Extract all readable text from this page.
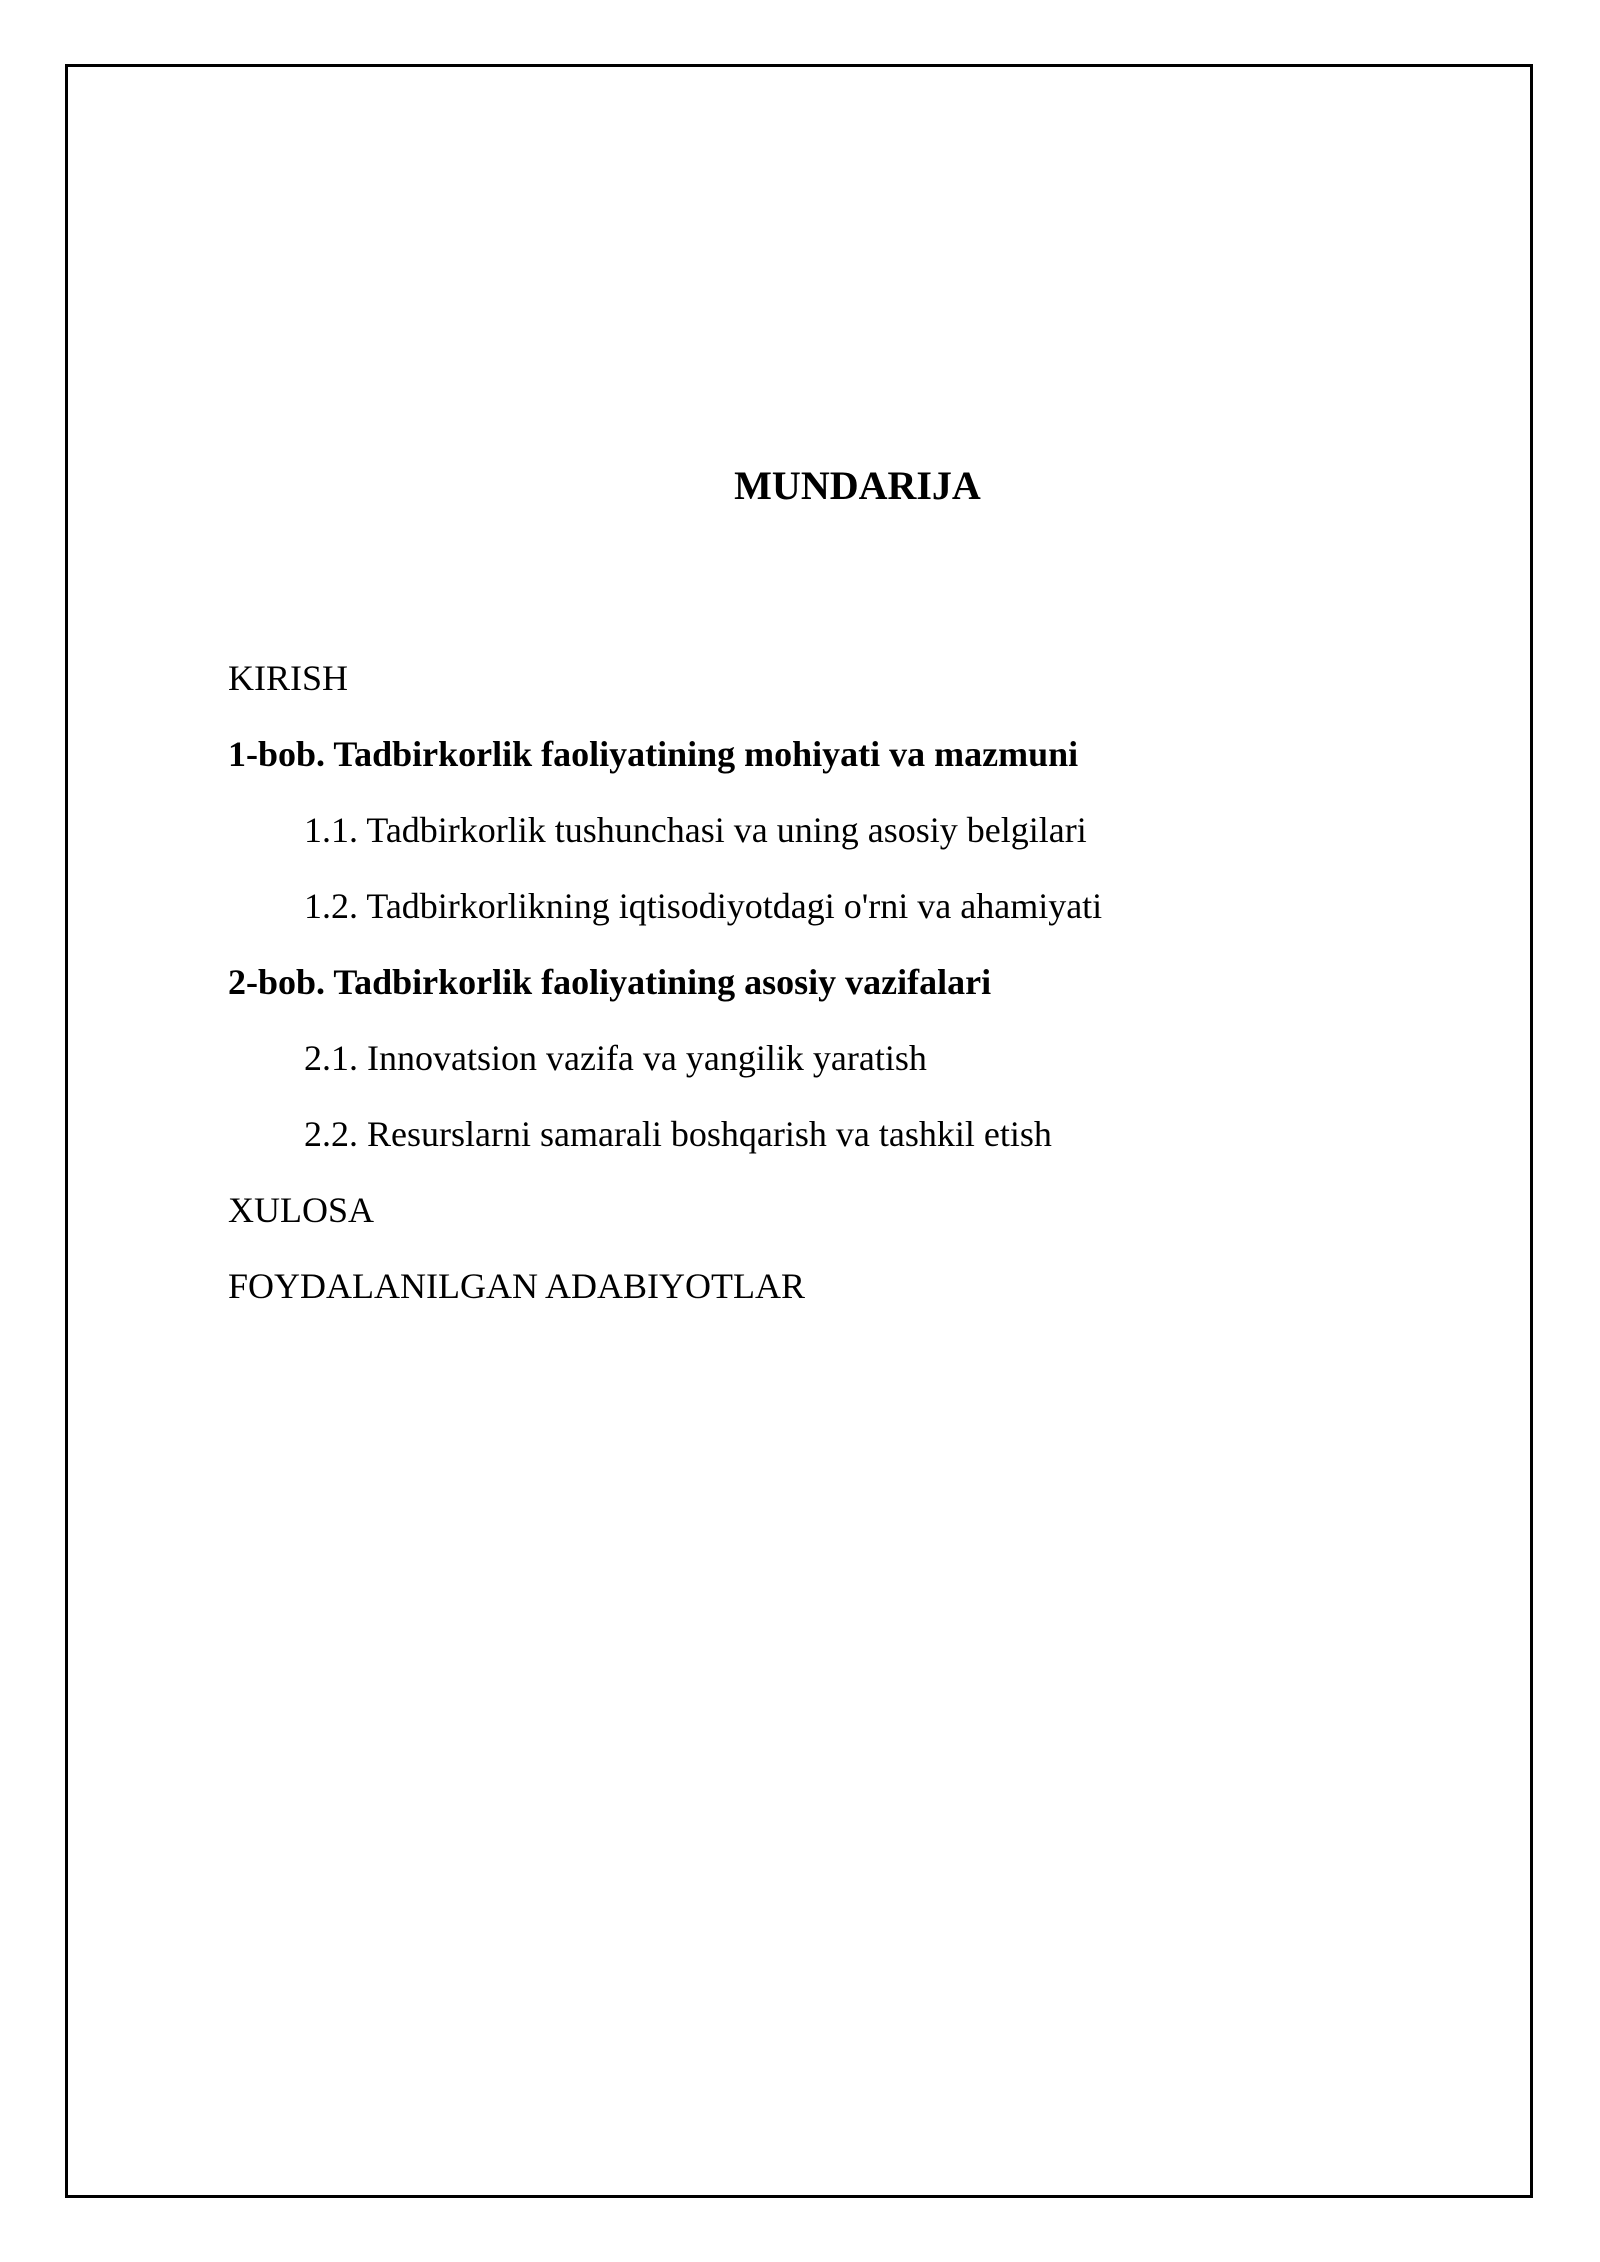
MUNDARIJA
KIRISH
1-bob. Tadbirkorlik faoliyatining mohiyati va mazmuni
1.1. Tadbirkorlik tushunchasi va uning asosiy belgilari
1.2. Tadbirkorlikning iqtisodiyotdagi o'rni va ahamiyati
2-bob. Tadbirkorlik faoliyatining asosiy vazifalari
2.1. Innovatsion vazifa va yangilik yaratish
2.2. Resurslarni samarali boshqarish va tashkil etish
XULOSA
FOYDALANILGAN ADABIYOTLAR
